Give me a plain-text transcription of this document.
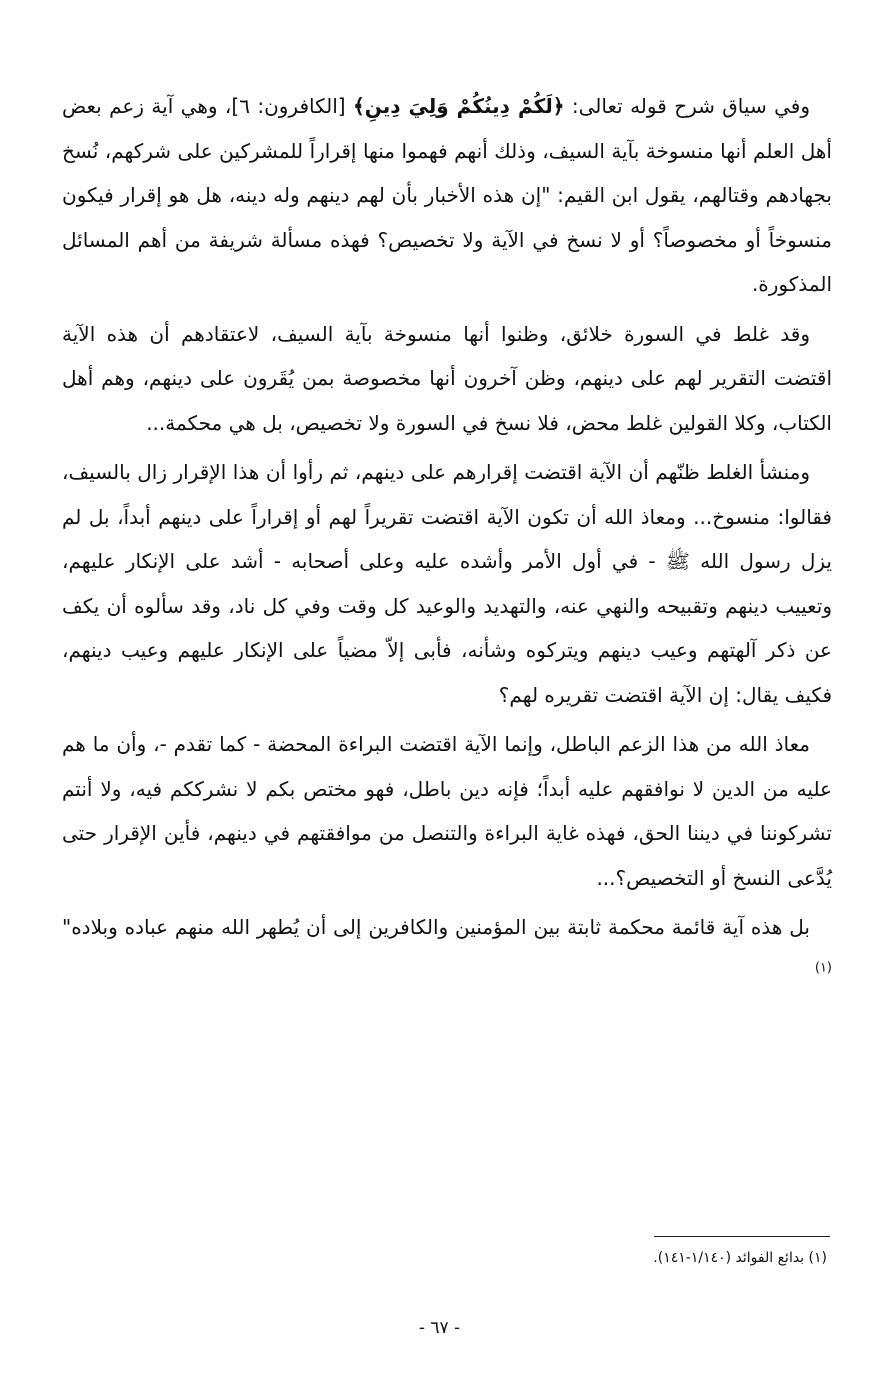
وفي سياق شرح قوله تعالى: ﴿لَكُمْ دِينُكُمْ وَلِيَ دِينِ﴾ [الكافرون: ٦]، وهي آية زعم بعض أهل العلم أنها منسوخة بآية السيف، وذلك أنهم فهموا منها إقراراً للمشركين على شركهم، نُسخ بجهادهم وقتالهم، يقول ابن القيم: "إن هذه الأخبار بأن لهم دينهم وله دينه، هل هو إقرار فيكون منسوخاً أو مخصوصاً؟ أو لا نسخ في الآية ولا تخصيص؟ فهذه مسألة شريفة من أهم المسائل المذكورة.

وقد غلط في السورة خلائق، وظنوا أنها منسوخة بآية السيف، لاعتقادهم أن هذه الآية اقتضت التقرير لهم على دينهم، وظن آخرون أنها مخصوصة بمن يُقَرون على دينهم، وهم أهل الكتاب، وكلا القولين غلط محض، فلا نسخ في السورة ولا تخصيص، بل هي محكمة...

ومنشأ الغلط ظنّهم أن الآية اقتضت إقرارهم على دينهم، ثم رأوا أن هذا الإقرار زال بالسيف، فقالوا: منسوخ... ومعاذ الله أن تكون الآية اقتضت تقريراً لهم أو إقراراً على دينهم أبداً، بل لم يزل رسول الله ﷺ - في أول الأمر وأشده عليه وعلى أصحابه - أشد على الإنكار عليهم، وتعييب دينهم وتقبيحه والنهي عنه، والتهديد والوعيد كل وقت وفي كل ناد، وقد سألوه أن يكف عن ذكر آلهتهم وعيب دينهم ويتركوه وشأنه، فأبى إلاّ مضياً على الإنكار عليهم وعيب دينهم، فكيف يقال: إن الآية اقتضت تقريره لهم؟

معاذ الله من هذا الزعم الباطل، وإنما الآية اقتضت البراءة المحضة - كما تقدم -، وأن ما هم عليه من الدين لا نوافقهم عليه أبداً؛ فإنه دين باطل، فهو مختص بكم لا نشرككم فيه، ولا أنتم تشركوننا في ديننا الحق، فهذه غاية البراءة والتنصل من موافقتهم في دينهم، فأين الإقرار حتى يُدَّعى النسخ أو التخصيص؟...

بل هذه آية قائمة محكمة ثابتة بين المؤمنين والكافرين إلى أن يُطهر الله منهم عباده وبلاده"$^{(١)}$

(١) بدائع الفوائد (١/١٤٠-١٤١).
- ٦٧ -
